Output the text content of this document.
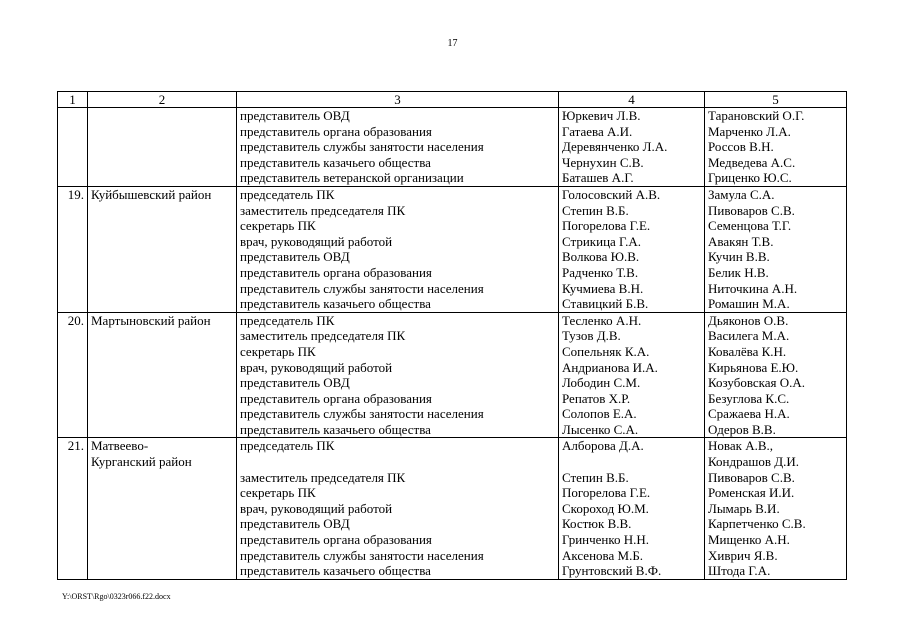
17
1	2	3	4	5
		представитель ОВД	Юркевич Л.В.	Тарановский О.Г.
		представитель органа образования	Гатаева А.И.	Марченко Л.А.
		представитель службы занятости населения	Деревянченко Л.А.	Россов В.Н.
		представитель казачьего общества	Чернухин С.В.	Медведева А.С.
		представитель ветеранской организации	Баташев А.Г.	Гриценко Ю.С.
19.	Куйбышевский район	председатель ПК	Голосовский А.В.	Замула С.А.
		заместитель председателя ПК	Степин В.Б.	Пивоваров С.В.
		секретарь ПК	Погорелова Г.Е.	Семенцова Т.Г.
		врач, руководящий работой	Стрикица Г.А.	Авакян Т.В.
		представитель ОВД	Волкова Ю.В.	Кучин В.В.
		представитель органа образования	Радченко Т.В.	Белик Н.В.
		представитель службы занятости населения	Кучмиева В.Н.	Ниточкина А.Н.
		представитель казачьего общества	Ставицкий Б.В.	Ромашин М.А.
20.	Мартыновский район	председатель ПК	Тесленко А.Н.	Дьяконов О.В.
		заместитель председателя ПК	Тузов Д.В.	Василега М.А.
		секретарь ПК	Сопельняк К.А.	Ковалёва К.Н.
		врач, руководящий работой	Андрианова И.А.	Кирьянова Е.Ю.
		представитель ОВД	Лободин С.М.	Козубовская О.А.
		представитель органа образования	Репатов Х.Р.	Безуглова К.С.
		представитель службы занятости населения	Солопов Е.А.	Сражаева Н.А.
		представитель казачьего общества	Лысенко С.А.	Одеров В.В.
21.	Матвеево-	председатель ПК	Алборова Д.А.	Новак А.В.,
	Курганский район			Кондрашов Д.И.
		заместитель председателя ПК	Степин В.Б.	Пивоваров С.В.
		секретарь ПК	Погорелова Г.Е.	Роменская И.И.
		врач, руководящий работой	Скороход Ю.М.	Лымарь В.И.
		представитель ОВД	Костюк В.В.	Карпетченко С.В.
		представитель органа образования	Гринченко Н.Н.	Мищенко А.Н.
		представитель службы занятости населения	Аксенова М.Б.	Хиврич Я.В.
		представитель казачьего общества	Грунтовский В.Ф.	Штода Г.А.
Y:\ORST\Rgo\0323r066.f22.docx
